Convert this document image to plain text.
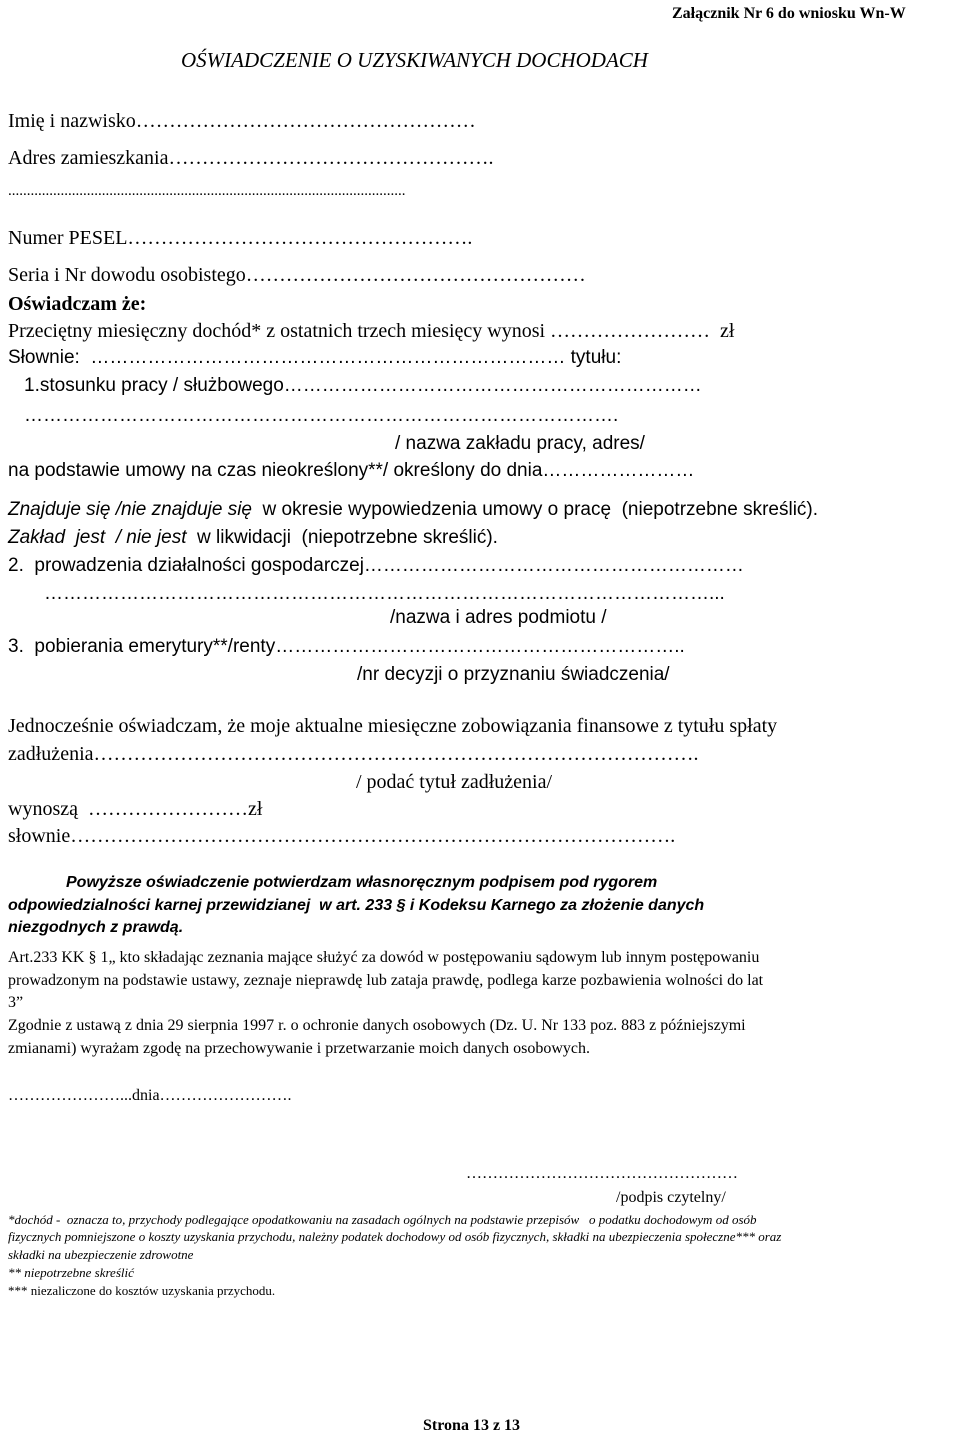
Załącznik Nr 6 do wniosku Wn-W
OŚWIADCZENIE O UZYSKIWANYCH DOCHODACH
Imię i nazwisko……………………………………………
Adres zamieszkania………………………………………….
..........................................................................................................
Numer PESEL…………………………………………….
Seria i Nr dowodu osobistego……………………………………………
Oświadczam że:
Przeciętny miesięczny dochód* z ostatnich trzech miesięcy wynosi ……………………  zł
Słownie:  ………………………………………………………………… tytułu:
1.stosunku pracy / służbowego…………………………………………………………
………………………………………………………………………………….
/ nazwa zakładu pracy, adres/
na podstawie umowy na czas nieokreślony**/ określony do dnia……………………
Znajduje się /nie znajduje się  w okresie wypowiedzenia umowy o pracę  (niepotrzebne skreślić).
Zakład  jest  / nie jest  w likwidacji  (niepotrzebne skreślić).
2.  prowadzenia działalności gospodarczej……………………………………………………
……………………………………………………………………………………………...
/nazwa i adres podmiotu /
3.  pobierania emerytury**/renty………………………………………………………..
/nr decyzji o przyznaniu świadczenia/
Jednocześnie oświadczam, że moje aktualne miesięczne zobowiązania finansowe z tytułu spłaty
zadłużenia……………………………………………………………………………….
/ podać tytuł zadłużenia/
wynoszą  ……………………zł
słownie……………………………………………………………………………….
Powyższe oświadczenie potwierdzam własnoręcznym podpisem pod rygorem
odpowiedzialności karnej przewidzianej  w art. 233 § i Kodeksu Karnego za złożenie danych
niezgodnych z prawdą.
Art.233 KK § 1„ kto składając zeznania mające służyć za dowód w postępowaniu sądowym lub innym postępowaniu
prowadzonym na podstawie ustawy, zeznaje nieprawdę lub zataja prawdę, podlega karze pozbawienia wolności do lat
3”
Zgodnie z ustawą z dnia 29 sierpnia 1997 r. o ochronie danych osobowych (Dz. U. Nr 133 poz. 883 z późniejszymi
zmianami) wyrażam zgodę na przechowywanie i przetwarzanie moich danych osobowych.
…………………...dnia…………………….
……………………………………………
/podpis czytelny/
*dochód -  oznacza to, przychody podlegające opodatkowaniu na zasadach ogólnych na podstawie przepisów   o podatku dochodowym od osób
fizycznych pomniejszone o koszty uzyskania przychodu, należny podatek dochodowy od osób fizycznych, składki na ubezpieczenia społeczne*** oraz
składki na ubezpieczenie zdrowotne
** niepotrzebne skreślić
*** niezaliczone do kosztów uzyskania przychodu.
Strona 13 z 13
